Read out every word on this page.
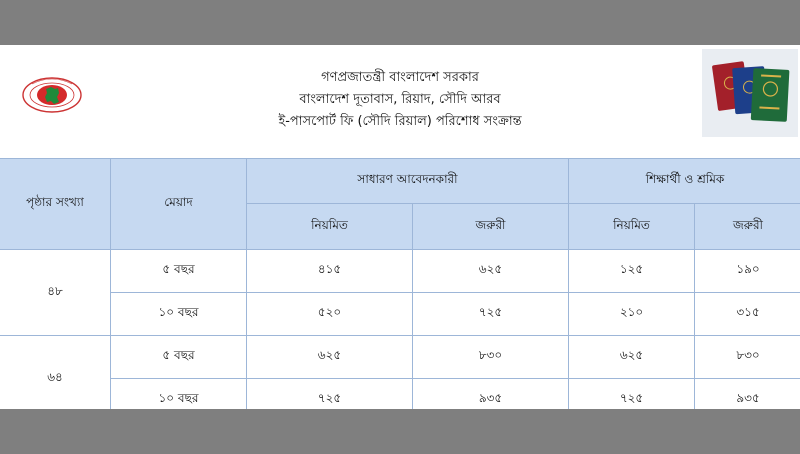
গণপ্রজাতন্ত্রী বাংলাদেশ সরকার
বাংলাদেশ দূতাবাস, রিয়াদ, সৌদি আরব
ই-পাসপোর্ট ফি (সৌদি রিয়াল) পরিশোধ সংক্রান্ত
পৃষ্ঠার সংখ্যা	মেয়াদ	সাধারণ আবেদনকারী		শিক্ষার্থী ও শ্রমিক	
		নিয়মিত	জরুরী	নিয়মিত	জরুরী
৪৮	৫ বছর	৪১৫	৬২৫	১২৫	১৯০
	১০ বছর	৫২০	৭২৫	২১০	৩১৫
৬৪	৫ বছর	৬২৫	৮৩০	৬২৫	৮৩০
	১০ বছর	৭২৫	৯৩৫	৭২৫	৯৩৫
